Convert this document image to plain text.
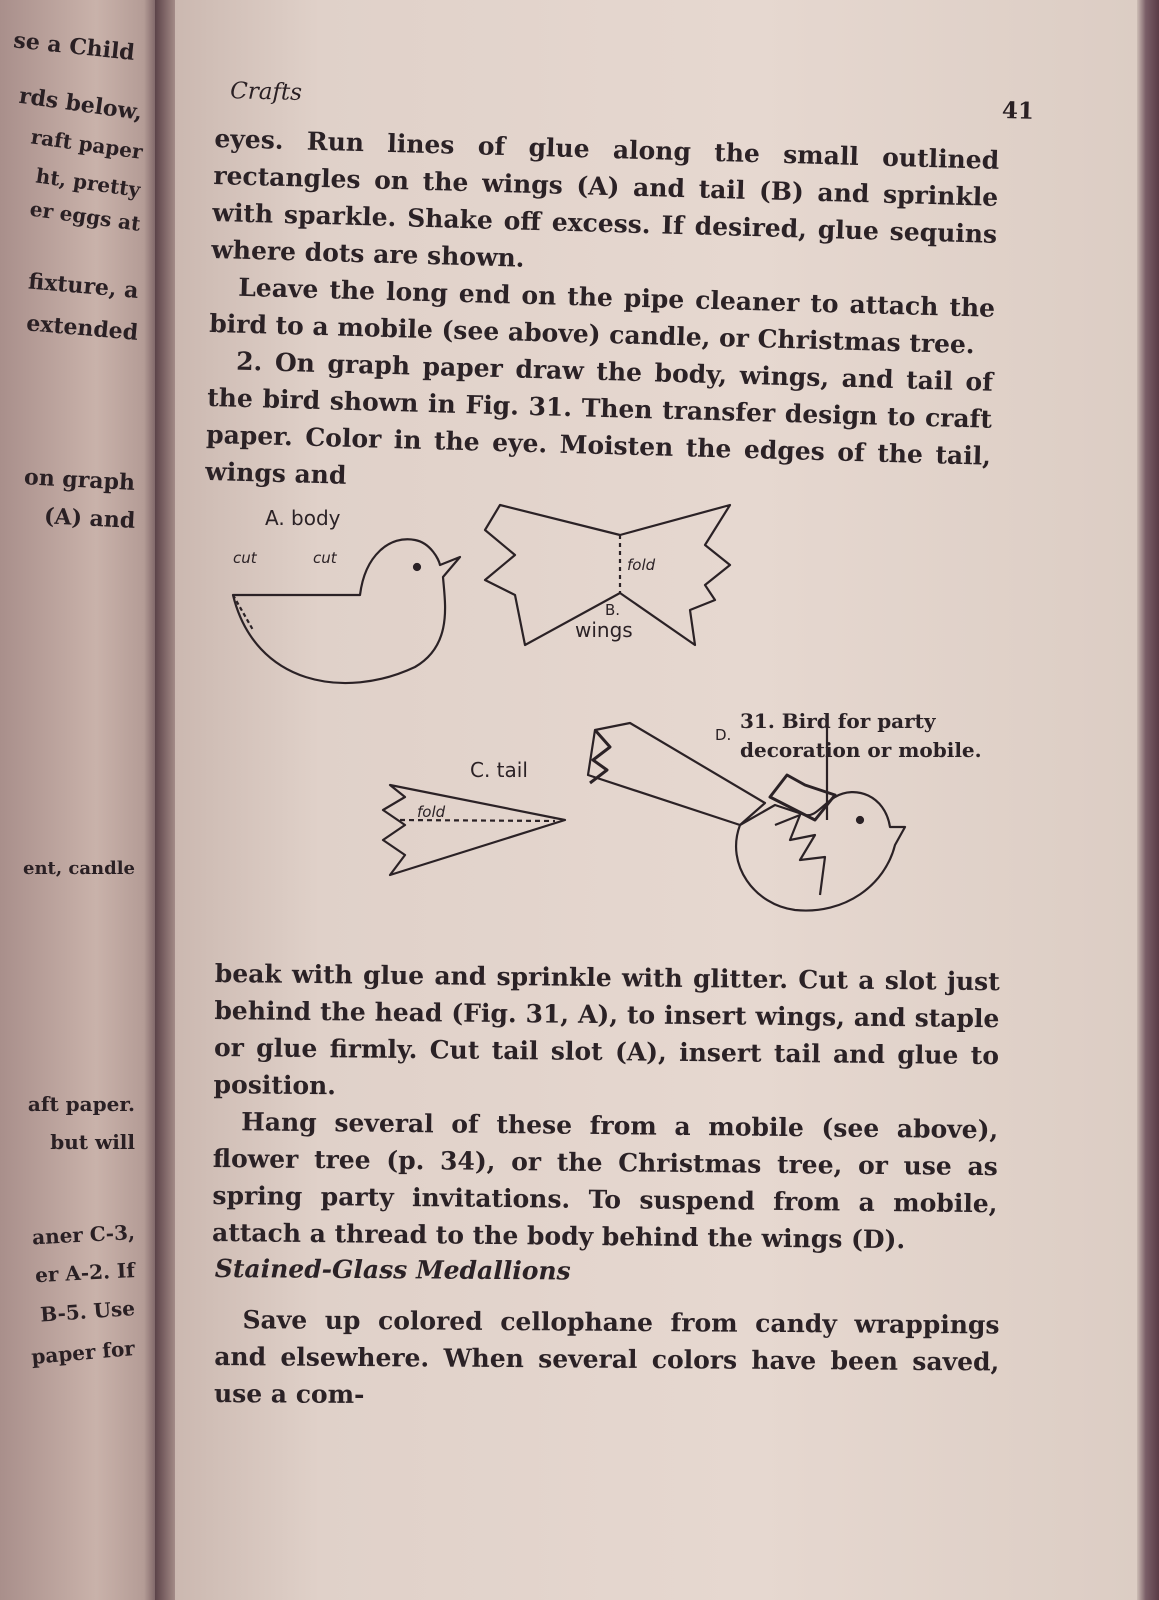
se a Child
rds below,
raft paper
ht, pretty
er eggs at
fixture, a
extended
on graph
(A) and
ent, candle
aft paper.
but will
aner C-3,
er A-2. If
B-5. Use
paper for
Crafts
41

eyes. Run lines of glue along the small outlined rectangles on the wings (A) and tail (B) and sprinkle with sparkle. Shake off excess. If desired, glue sequins where dots are shown.

Leave the long end on the pipe cleaner to attach the bird to a mobile (see above) candle, or Christmas tree.

2. On graph paper draw the body, wings, and tail of the bird shown in Fig. 31. Then transfer design to craft paper. Color in the eye. Moisten the edges of the tail, wings and

A. body
cut	cut	fold
B.
wings
C. tail
fold
D.
31. Bird for party decoration or mobile.

beak with glue and sprinkle with glitter. Cut a slot just behind the head (Fig. 31, A), to insert wings, and staple or glue firmly. Cut tail slot (A), insert tail and glue to position.

Hang several of these from a mobile (see above), flower tree (p. 34), or the Christmas tree, or use as spring party invitations. To suspend from a mobile, attach a thread to the body behind the wings (D).

Stained-Glass Medallions

Save up colored cellophane from candy wrappings and elsewhere. When several colors have been saved, use a com-
